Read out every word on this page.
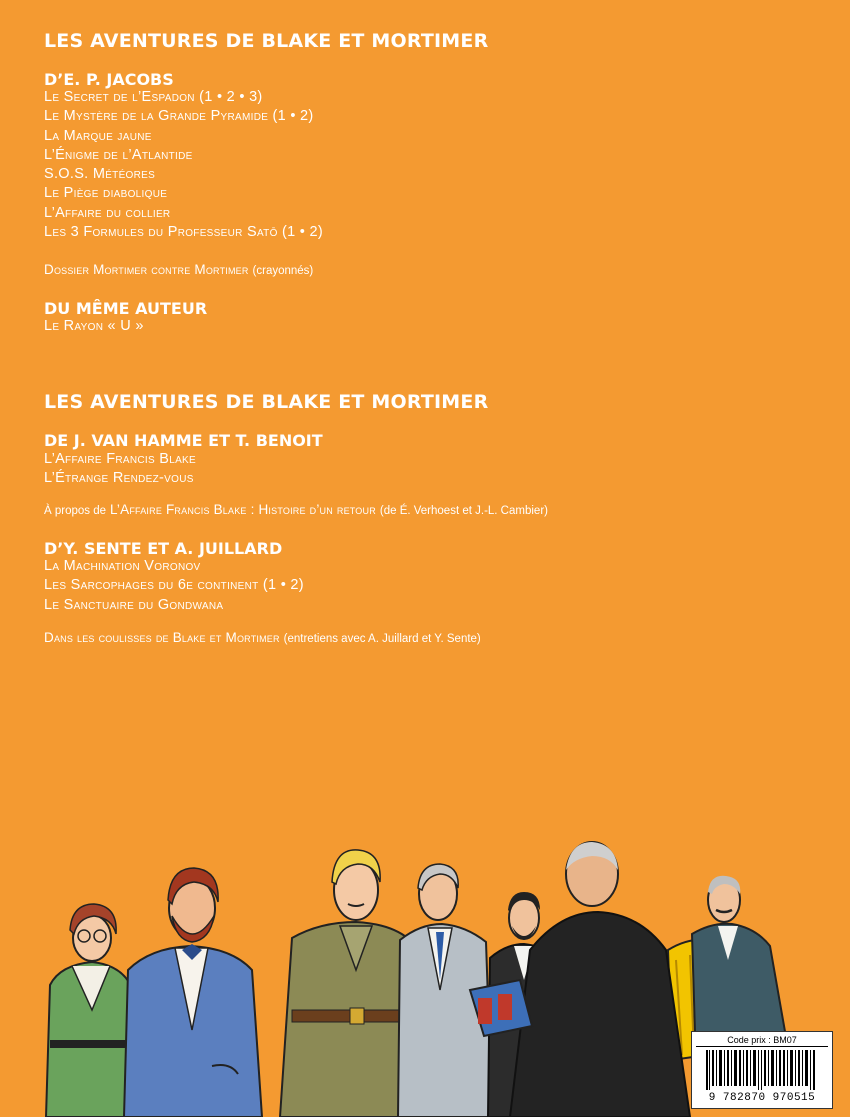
LES AVENTURES DE BLAKE ET MORTIMER
D’E. P. JACOBS
Le Secret de l’Espadon (1 • 2 • 3)
Le Mystère de la Grande Pyramide (1 • 2)
La Marque jaune
L’Énigme de l’Atlantide
S.O.S. Météores
Le Piège diabolique
L’Affaire du collier
Les 3 Formules du Professeur Satō (1 • 2)
Dossier Mortimer contre Mortimer (crayonnés)
DU MÊME AUTEUR
Le Rayon « U »
LES AVENTURES DE BLAKE ET MORTIMER
DE J. VAN HAMME ET T. BENOIT
L’Affaire Francis Blake
L’Étrange Rendez-vous
À propos de L’Affaire Francis Blake : Histoire d’un retour (de É. Verhoest et J.-L. Cambier)
D’Y. SENTE ET A. JUILLARD
La Machination Voronov
Les Sarcophages du 6e continent (1 • 2)
Le Sanctuaire du Gondwana
Dans les coulisses de Blake et Mortimer (entretiens avec A. Juillard et Y. Sente)
Code prix : BM07
9 782870 970515
